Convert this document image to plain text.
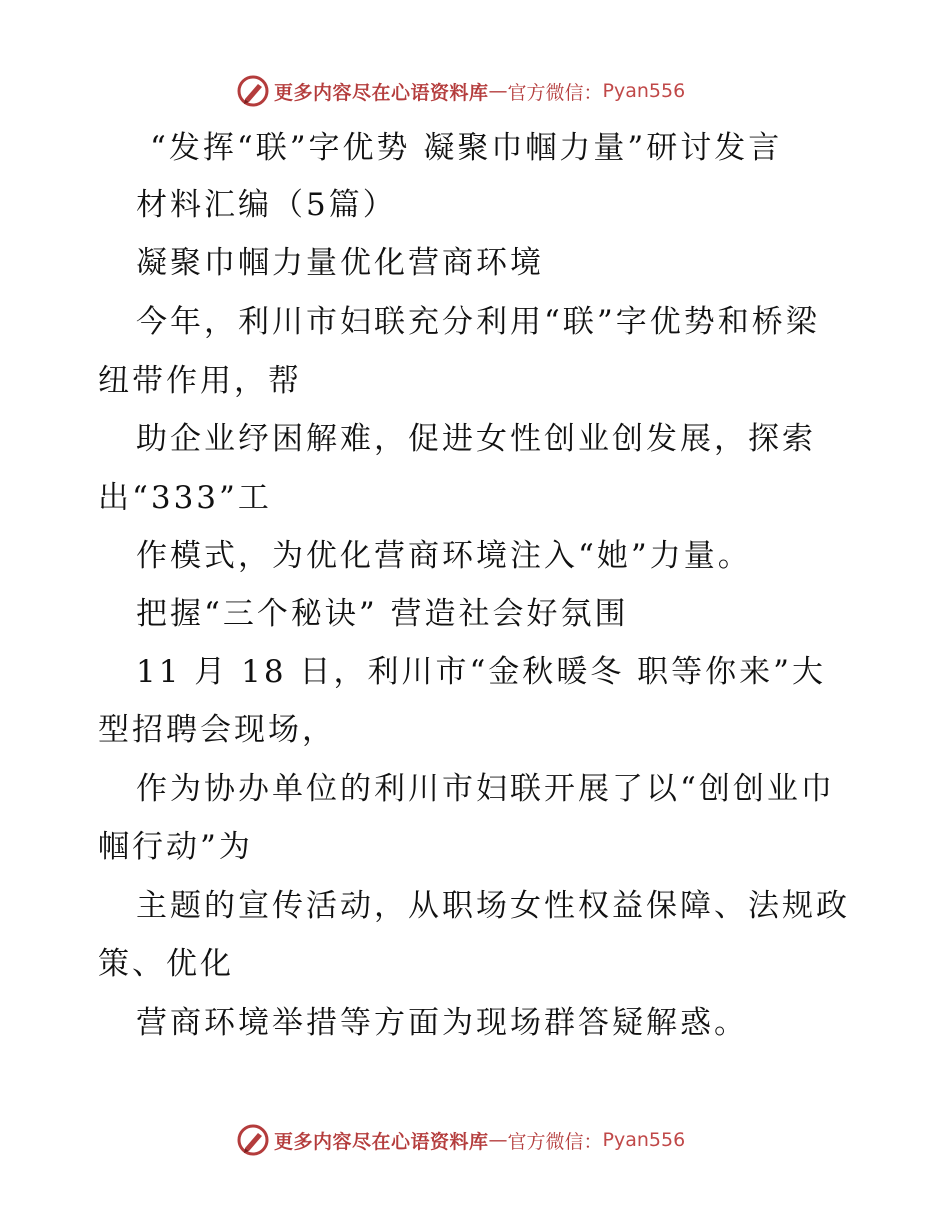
更多内容尽在心语资料库 — 官方微信： Pyan556
“发挥“联”字优势 凝聚巾帼力量”研讨发言
材料汇编（5篇）
凝聚巾帼力量优化营商环境
今年，利川市妇联充分利用“联”字优势和桥梁
纽带作用，帮
助企业纾困解难，促进女性创业创发展，探索
出“333”工
作模式，为优化营商环境注入“她”力量。
把握“三个秘诀” 营造社会好氛围
11 月 18 日，利川市“金秋暖冬 职等你来”大
型招聘会现场，
作为协办单位的利川市妇联开展了以“创创业巾
帼行动”为
主题的宣传活动，从职场女性权益保障、法规政
策、优化
营商环境举措等方面为现场群答疑解惑。
更多内容尽在心语资料库 — 官方微信： Pyan556
